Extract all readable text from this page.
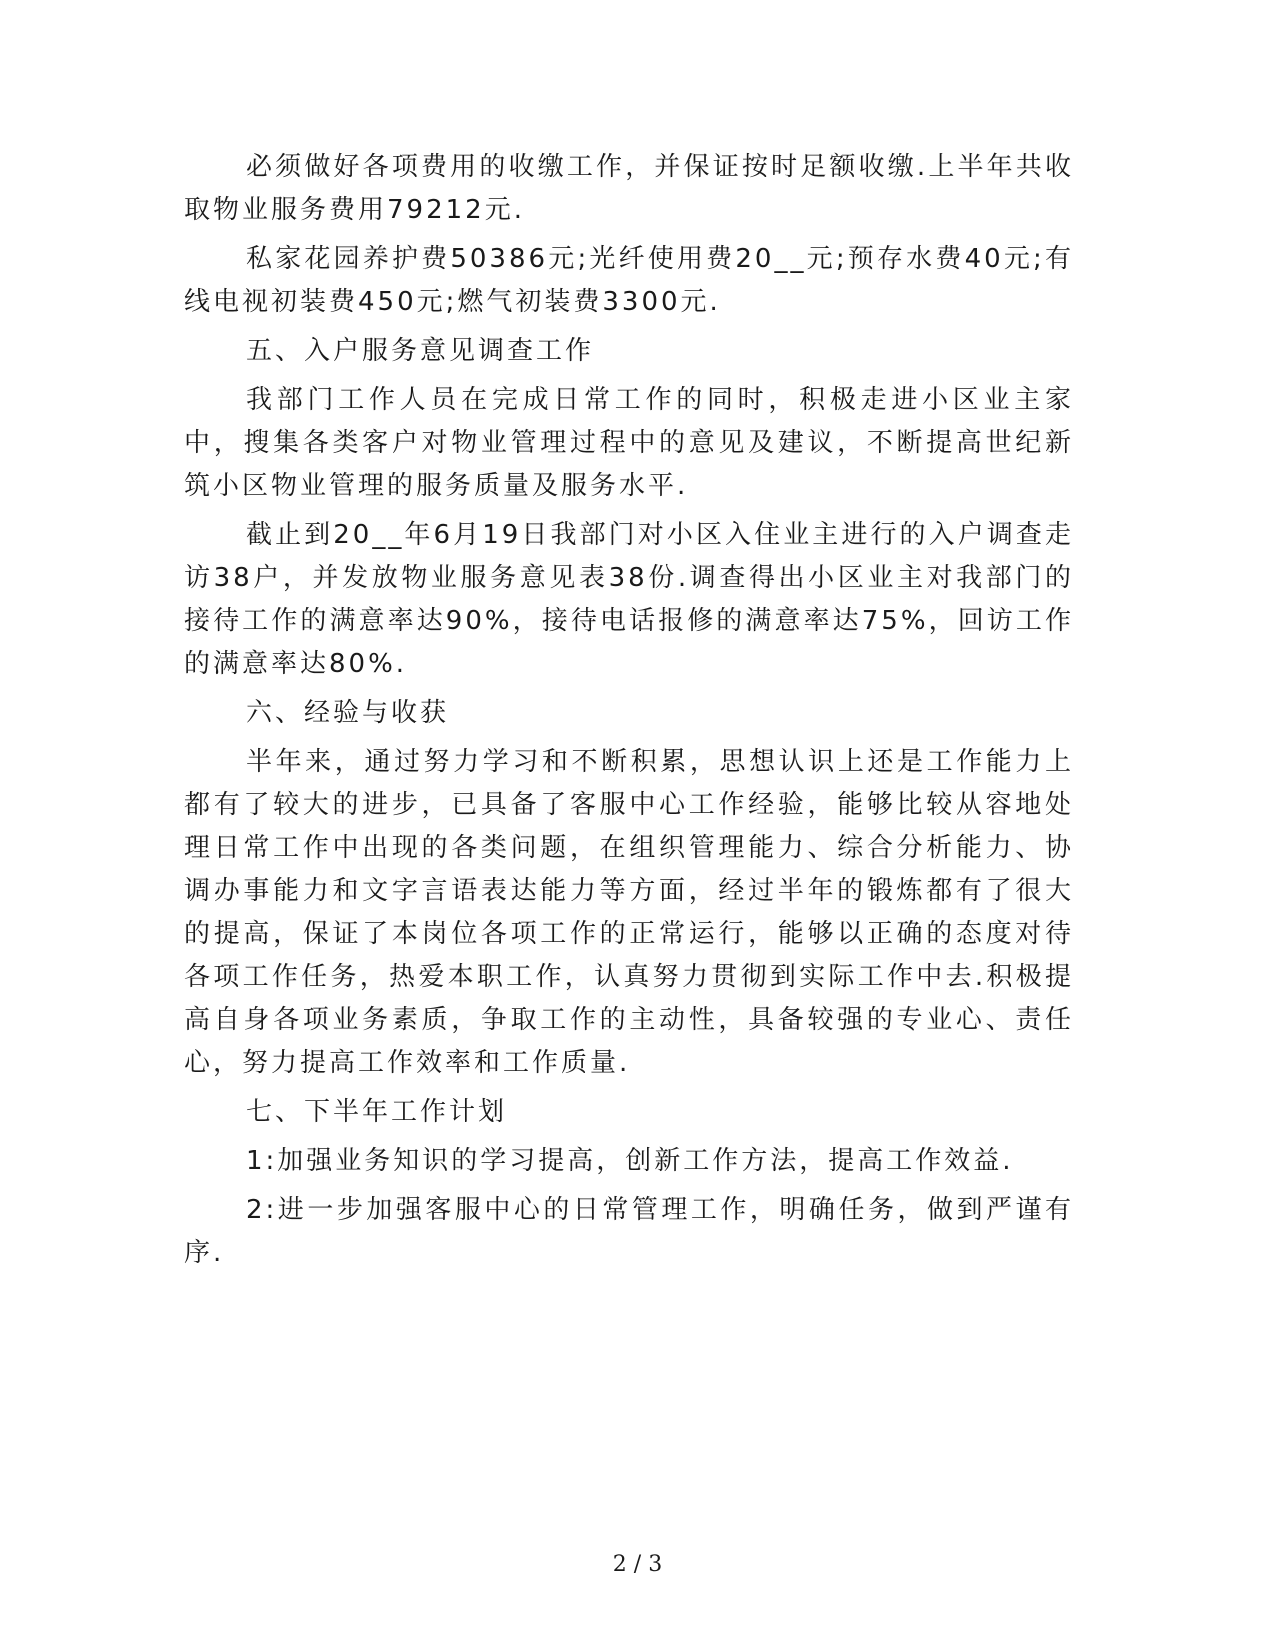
必须做好各项费用的收缴工作，并保证按时足额收缴.上半年共收取物业服务费用79212元.

私家花园养护费50386元;光纤使用费20__元;预存水费40元;有线电视初装费450元;燃气初装费3300元.

五、入户服务意见调查工作

我部门工作人员在完成日常工作的同时，积极走进小区业主家中，搜集各类客户对物业管理过程中的意见及建议，不断提高世纪新筑小区物业管理的服务质量及服务水平.

截止到20__年6月19日我部门对小区入住业主进行的入户调查走访38户，并发放物业服务意见表38份.调查得出小区业主对我部门的接待工作的满意率达90%，接待电话报修的满意率达75%，回访工作的满意率达80%.

六、经验与收获

半年来，通过努力学习和不断积累，思想认识上还是工作能力上都有了较大的进步，已具备了客服中心工作经验，能够比较从容地处理日常工作中出现的各类问题，在组织管理能力、综合分析能力、协调办事能力和文字言语表达能力等方面，经过半年的锻炼都有了很大的提高，保证了本岗位各项工作的正常运行，能够以正确的态度对待各项工作任务，热爱本职工作，认真努力贯彻到实际工作中去.积极提高自身各项业务素质，争取工作的主动性，具备较强的专业心、责任心，努力提高工作效率和工作质量.

七、下半年工作计划

1:加强业务知识的学习提高，创新工作方法，提高工作效益.

2:进一步加强客服中心的日常管理工作，明确任务，做到严谨有序.

2 / 3
